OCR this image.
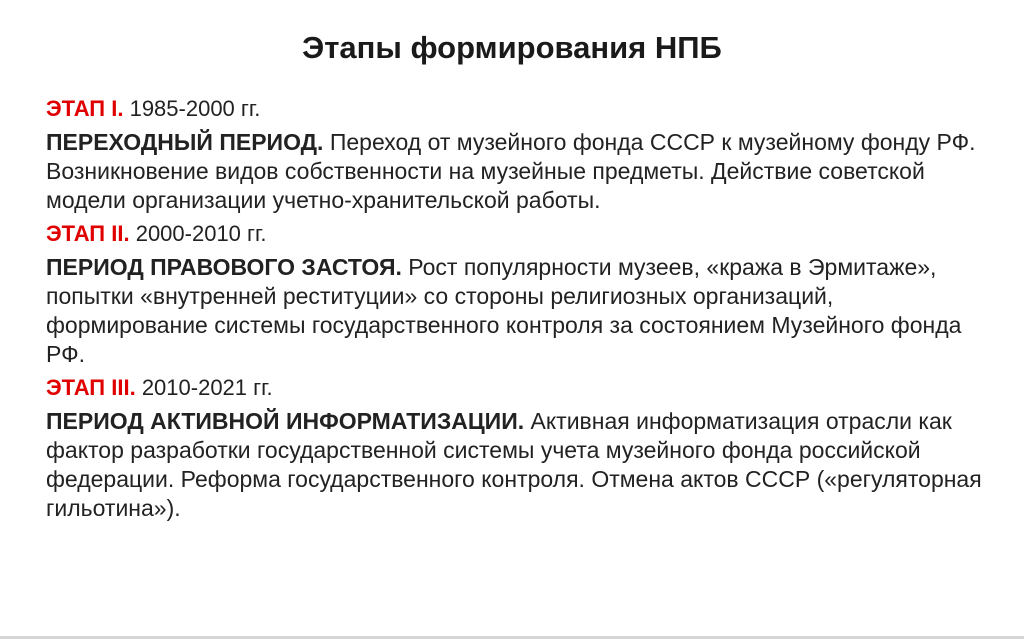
Этапы формирования НПБ
ЭТАП I. 1985-2000 гг.
ПЕРЕХОДНЫЙ ПЕРИОД. Переход от музейного фонда СССР к музейному фонду РФ. Возникновение видов собственности на музейные предметы. Действие советской модели организации учетно-хранительской работы.
ЭТАП II. 2000-2010 гг.
ПЕРИОД ПРАВОВОГО ЗАСТОЯ. Рост популярности музеев, «кража в Эрмитаже», попытки «внутренней реституции» со стороны религиозных организаций, формирование системы государственного контроля за состоянием Музейного фонда РФ.
ЭТАП III. 2010-2021 гг.
ПЕРИОД АКТИВНОЙ ИНФОРМАТИЗАЦИИ. Активная информатизация отрасли как фактор разработки государственной системы учета музейного фонда российской федерации. Реформа государственного контроля. Отмена актов СССР («регуляторная гильотина»).
